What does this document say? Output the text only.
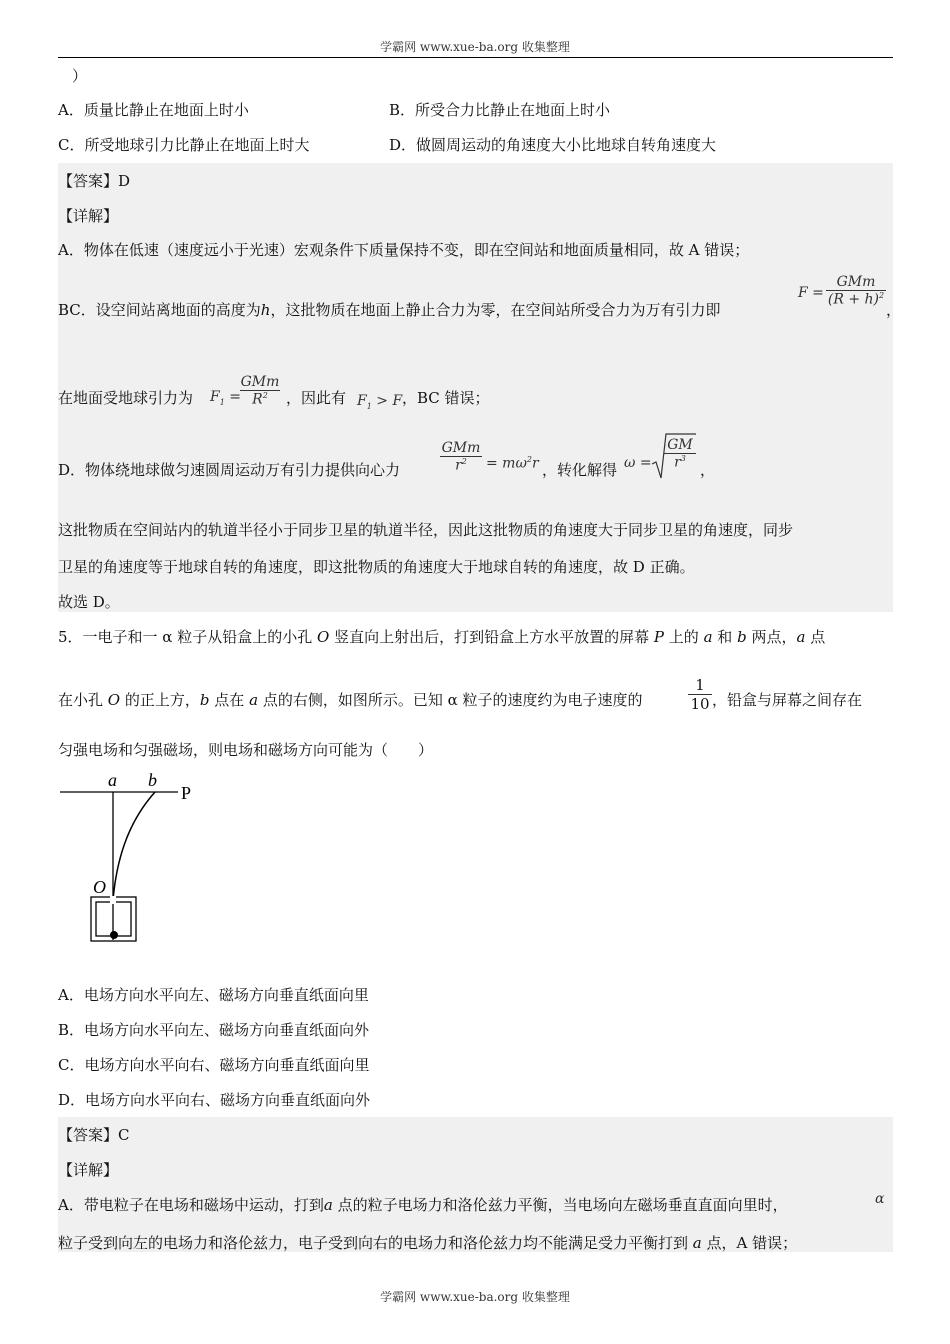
学霸网 www.xue-ba.org 收集整理
）
A．质量比静止在地面上时小	B．所受合力比静止在地面上时小
C．所受地球引力比静止在地面上时大	D．做圆周运动的角速度大小比地球自转角速度大
【答案】D
【详解】
A．物体在低速（速度远小于光速）宏观条件下质量保持不变，即在空间站和地面质量相同，故 A 错误；
BC．设空间站离地面的高度为h，这批物质在地面上静止合力为零，在空间站所受合力为万有引力即
F =
GMm
$(R + h)^2$
，
在地面受地球引力为 $F_1$ =
GMm
$R^2$	，因此有 $F_1 > F$ ，BC 错误；
D．物体绕地球做匀速圆周运动万有引力提供向心力
GMm
$r^2$	= $m\omega^2r$ ，转化解得 ω =
GM
$r^3$
，
这批物质在空间站内的轨道半径小于同步卫星的轨道半径，因此这批物质的角速度大于同步卫星的角速度，同步
卫星的角速度等于地球自转的角速度，即这批物质的角速度大于地球自转的角速度，故 D 正确。
故选 D。
5．一电子和一 α 粒子从铅盒上的小孔 O 竖直向上射出后，打到铅盒上方水平放置的屏幕 P 上的 a 和 b 两点，a 点
在小孔 O 的正上方，b 点在 a 点的右侧，如图所示。已知 α 粒子的速度约为电子速度的
1
10 ，铅盒与屏幕之间存在
匀强电场和匀强磁场，则电场和磁场方向可能为（　　）
a b
P
O
A．电场方向水平向左、磁场方向垂直纸面向里
B．电场方向水平向左、磁场方向垂直纸面向外
C．电场方向水平向右、磁场方向垂直纸面向里
D．电场方向水平向右、磁场方向垂直纸面向外
【答案】C
【详解】
A．带电粒子在电场和磁场中运动，打到a 点的粒子电场力和洛伦兹力平衡，当电场向左磁场垂直直面向里时，	α
粒子受到向左的电场力和洛伦兹力，电子受到向右的电场力和洛伦兹力均不能满足受力平衡打到 a 点，A 错误；
学霸网 www.xue-ba.org 收集整理
